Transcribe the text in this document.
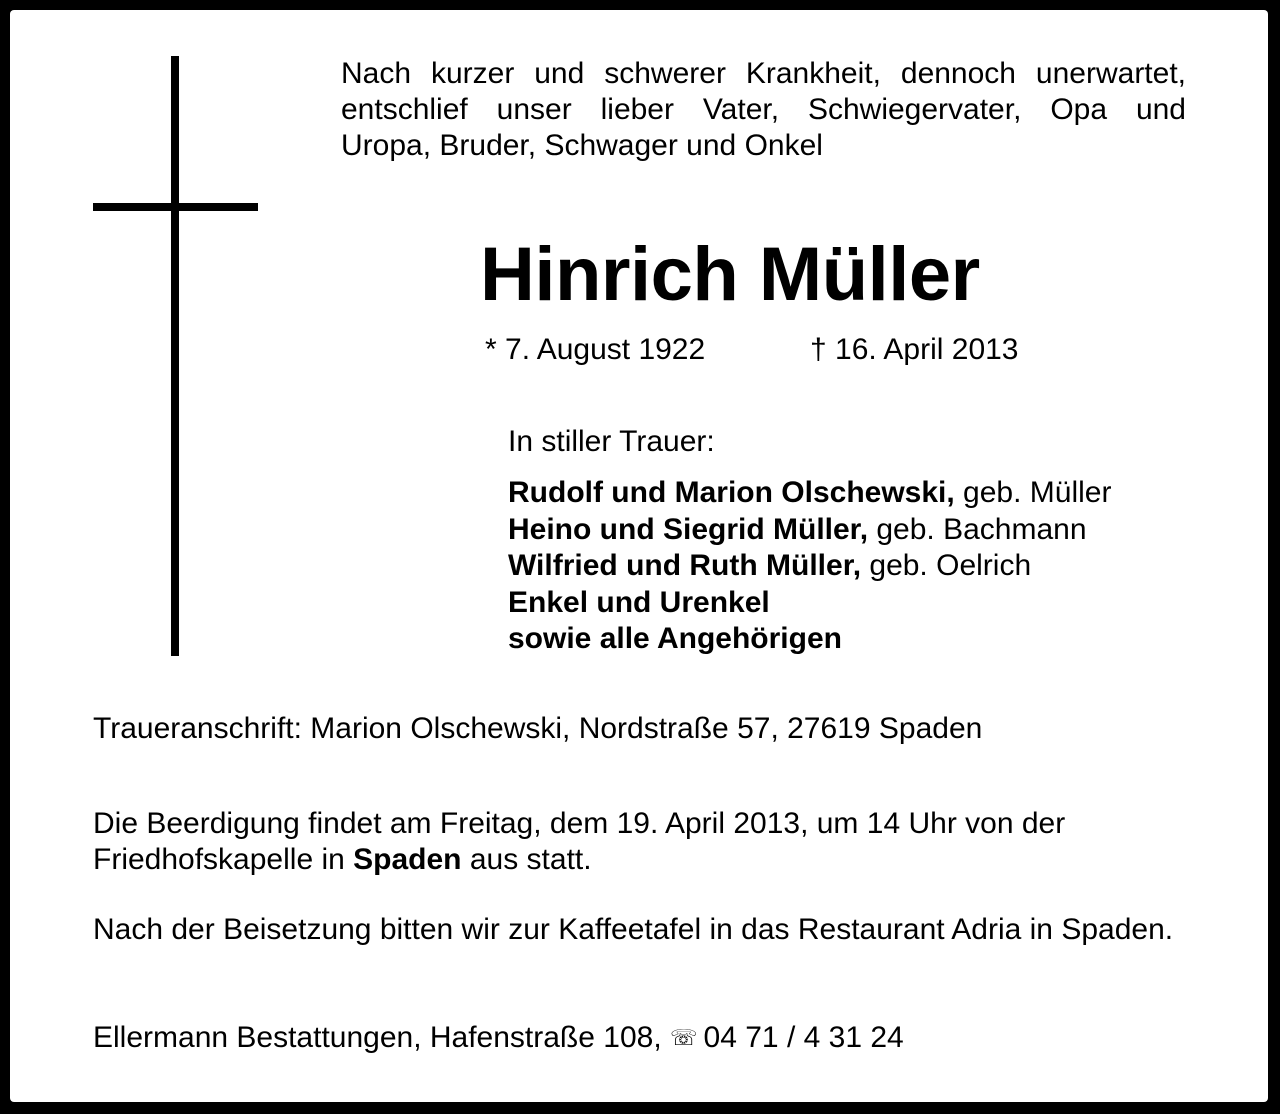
Nach kurzer und schwerer Krankheit, dennoch unerwartet,
entschlief unser lieber Vater, Schwiegervater, Opa und
Uropa, Bruder, Schwager und Onkel
Hinrich Müller
* 7. August 1922	† 16. April 2013
In stiller Trauer:
Rudolf und Marion Olschewski, geb. Müller
Heino und Siegrid Müller, geb. Bachmann
Wilfried und Ruth Müller, geb. Oelrich
Enkel und Urenkel
sowie alle Angehörigen
Traueranschrift: Marion Olschewski, Nordstraße 57, 27619 Spaden
Die Beerdigung findet am Freitag, dem 19. April 2013, um 14 Uhr von der Friedhofskapelle in Spaden aus statt.
Nach der Beisetzung bitten wir zur Kaffeetafel in das Restaurant Adria in Spaden.
Ellermann Bestattungen, Hafenstraße 108, ☏ 04 71 / 4 31 24
